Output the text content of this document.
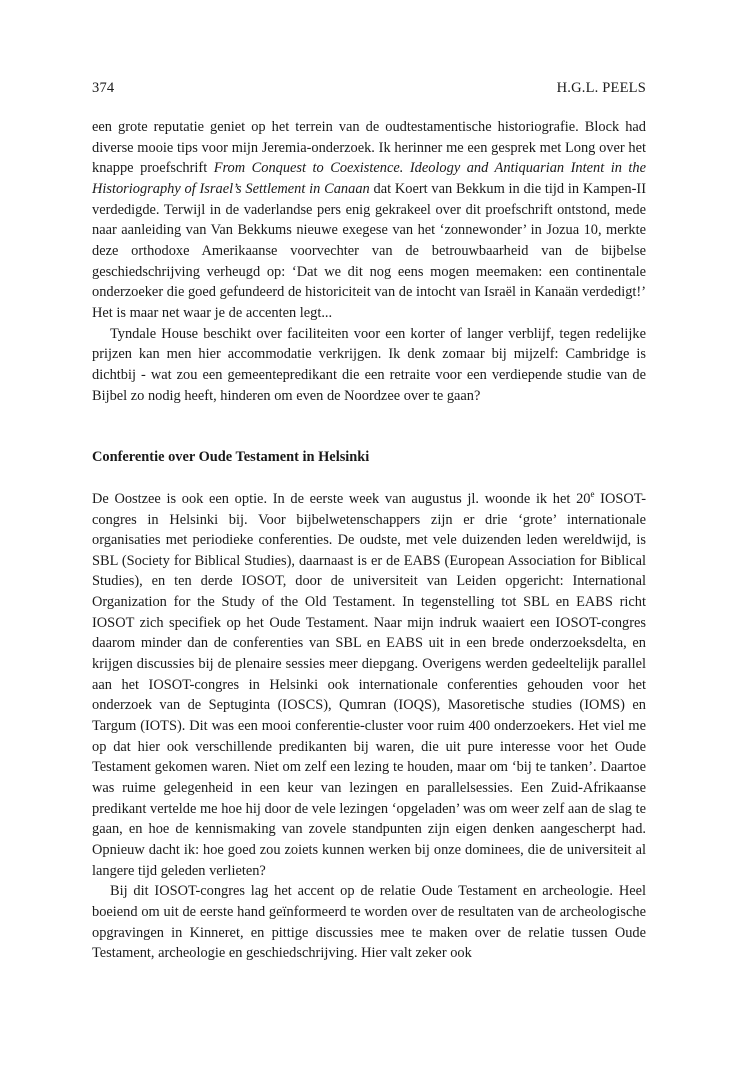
374	H.G.L. PEELS

een grote reputatie geniet op het terrein van de oudtestamentische historiografie. Block had diverse mooie tips voor mijn Jeremia-onderzoek. Ik herinner me een gesprek met Long over het knappe proefschrift From Conquest to Coexistence. Ideology and Antiquarian Intent in the Historiography of Israel’s Settlement in Canaan dat Koert van Bekkum in die tijd in Kampen-II verdedigde. Terwijl in de vaderlandse pers enig gekrakeel over dit proefschrift ontstond, mede naar aanleiding van Van Bekkums nieuwe exegese van het ‘zonnewonder’ in Jozua 10, merkte deze orthodoxe Amerikaanse voorvechter van de betrouwbaarheid van de bijbelse geschiedschrijving verheugd op: ‘Dat we dit nog eens mogen meemaken: een continentale onderzoeker die goed gefundeerd de historiciteit van de intocht van Israël in Kanaän verdedigt!’ Het is maar net waar je de accenten legt...

Tyndale House beschikt over faciliteiten voor een korter of langer verblijf, tegen redelijke prijzen kan men hier accommodatie verkrijgen. Ik denk zomaar bij mijzelf: Cambridge is dichtbij - wat zou een gemeentepredikant die een retraite voor een verdiepende studie van de Bijbel zo nodig heeft, hinderen om even de Noordzee over te gaan?

Conferentie over Oude Testament in Helsinki

De Oostzee is ook een optie. In de eerste week van augustus jl. woonde ik het 20e IOSOT-congres in Helsinki bij. Voor bijbelwetenschappers zijn er drie ‘grote’ internationale organisaties met periodieke conferenties. De oudste, met vele duizenden leden wereldwijd, is SBL (Society for Biblical Studies), daarnaast is er de EABS (European Association for Biblical Studies), en ten derde IOSOT, door de universiteit van Leiden opgericht: International Organization for the Study of the Old Testament. In tegenstelling tot SBL en EABS richt IOSOT zich specifiek op het Oude Testament. Naar mijn indruk waaiert een IOSOT-congres daarom minder dan de conferenties van SBL en EABS uit in een brede onderzoeksdelta, en krijgen discussies bij de plenaire sessies meer diepgang. Overigens werden gedeeltelijk parallel aan het IOSOT-congres in Helsinki ook internationale conferenties gehouden voor het onderzoek van de Septuginta (IOSCS), Qumran (IOQS), Masoretische studies (IOMS) en Targum (IOTS). Dit was een mooi conferentie-cluster voor ruim 400 onderzoekers. Het viel me op dat hier ook verschillende predikanten bij waren, die uit pure interesse voor het Oude Testament gekomen waren. Niet om zelf een lezing te houden, maar om ‘bij te tanken’. Daartoe was ruime gelegenheid in een keur van lezingen en parallelsessies. Een Zuid-Afrikaanse predikant vertelde me hoe hij door de vele lezingen ‘opgeladen’ was om weer zelf aan de slag te gaan, en hoe de kennismaking van zovele standpunten zijn eigen denken aangescherpt had. Opnieuw dacht ik: hoe goed zou zoiets kunnen werken bij onze dominees, die de universiteit al langere tijd geleden verlieten?

Bij dit IOSOT-congres lag het accent op de relatie Oude Testament en archeologie. Heel boeiend om uit de eerste hand geïnformeerd te worden over de resultaten van de archeologische opgravingen in Kinneret, en pittige discussies mee te maken over de relatie tussen Oude Testament, archeologie en geschiedschrijving. Hier valt zeker ook
